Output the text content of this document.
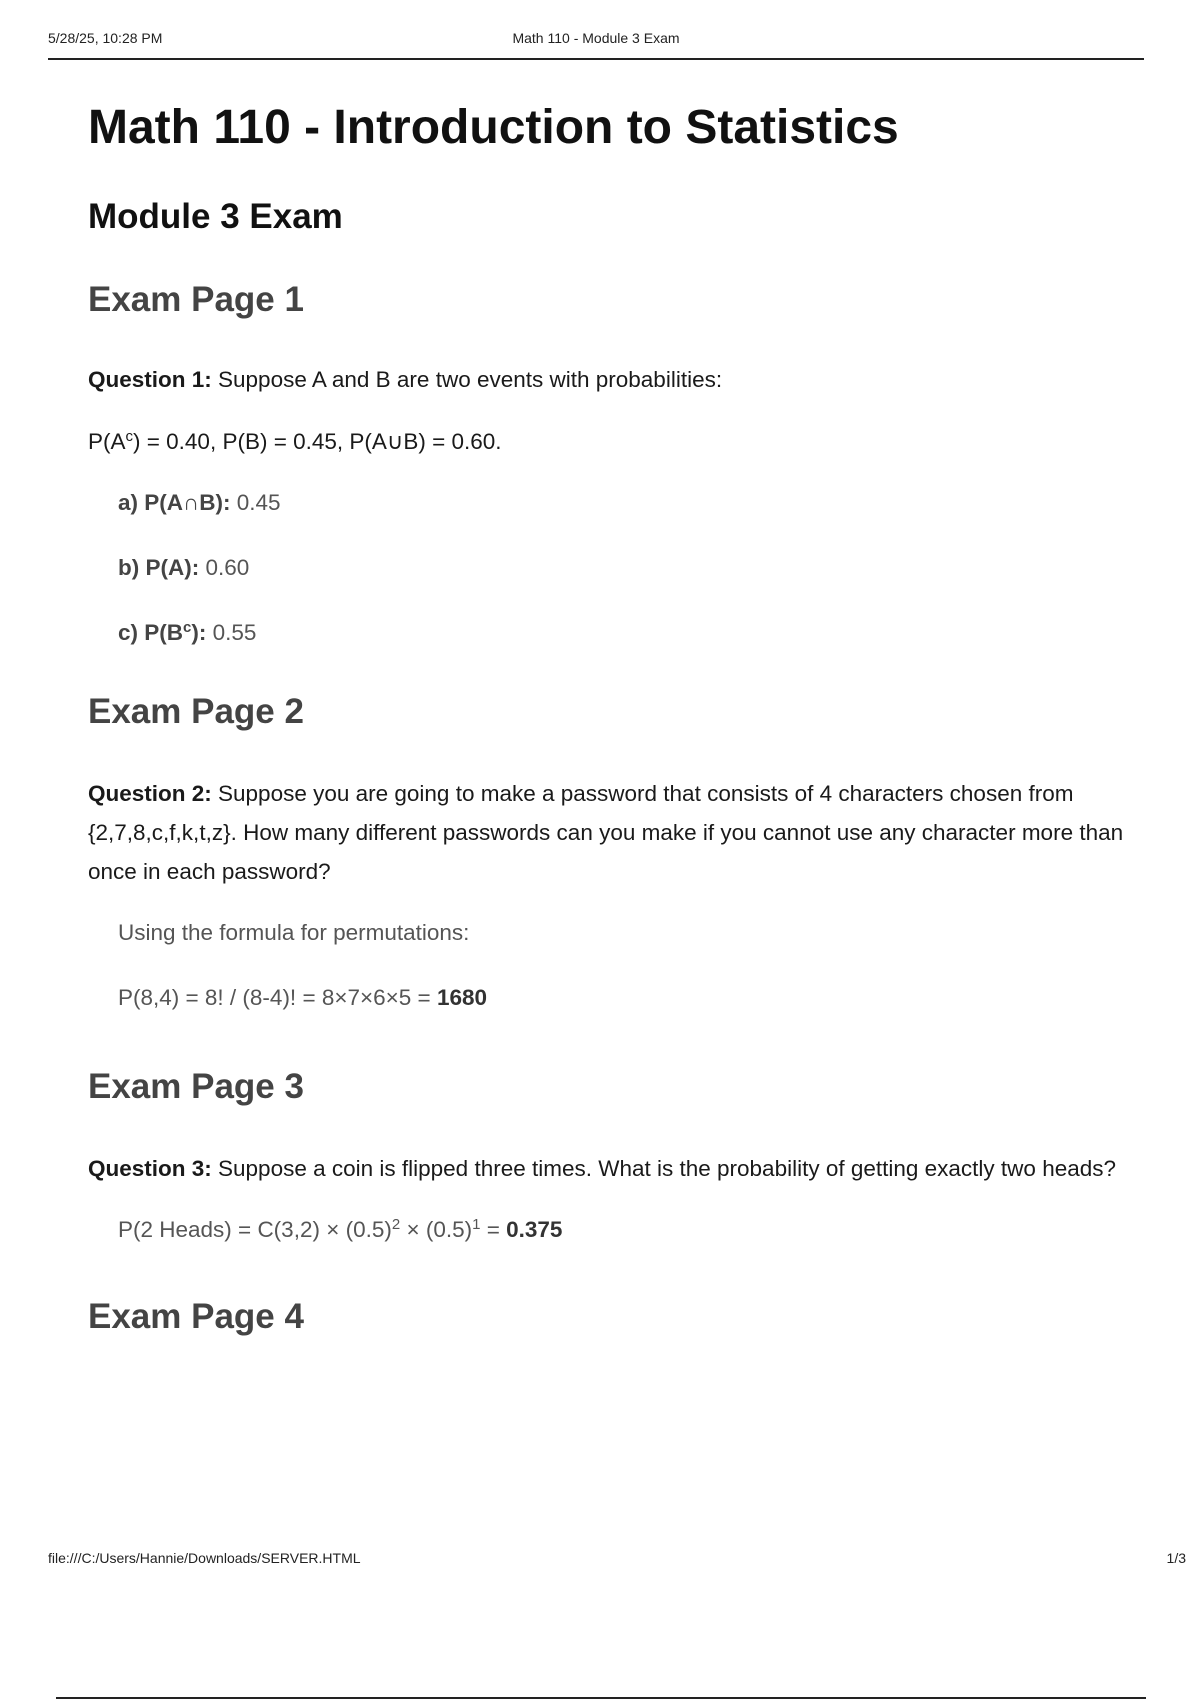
5/28/25, 10:28 PM	Math 110 - Module 3 Exam
Math 110 - Introduction to Statistics
Module 3 Exam
Exam Page 1

Question 1: Suppose A and B are two events with probabilities:

$P(A^c) = 0.40$, P(B) = 0.45, P(A∪B) = 0.60.

a) P(A∩B): 0.45

b) P(A): 0.60

c) $P(B^c)$: 0.55

Exam Page 2

Question 2: Suppose you are going to make a password that consists of 4 characters chosen from {2,7,8,c,f,k,t,z}. How many different passwords can you make if you cannot use any character more than once in each password?

Using the formula for permutations:

P(8,4) = 8! / (8-4)! = 8×7×6×5 = 1680

Exam Page 3

Question 3: Suppose a coin is flipped three times. What is the probability of getting exactly two heads?

P(2 Heads) = $C(3,2) \times (0.5)^2 \times (0.5)^1 = 0.375$

Exam Page 4
file:///C:/Users/Hannie/Downloads/SERVER.HTML	1/3
